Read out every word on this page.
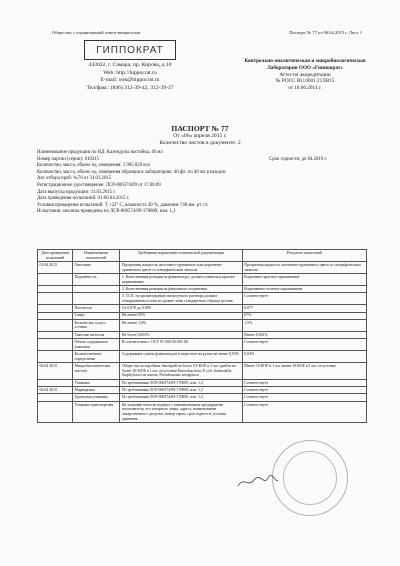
Общество с ограниченной ответственностью	Паспорт № 77 от 06.04.2015 г. Лист 1
ГИППОКРАТ
443022, г. Самара, пр. Кирова, д.10
Web: http://hippocrat.ru
E-mail: ook@hippocrat.ru
Тел/факс: (846) 312-39-42, 312-39-37
Контрольно-аналитическая и микробиологическая
Лаборатория ООО «Гиппократ»
Аттестат аккредитации
№ РОСС RU.0001.21ЛВ15
от 18.06.2014 г.
ПАСПОРТ № 77
От «06» апреля 2015 г.
Количество листов в документе: 2
Наименование продукции по НД: Календулы настойка, 40 мл
Номер партии (серии): 010315	Срок годности: до 04.2019 г.
Количество, масса, объем: ед. измерения: 1 005 820 кол
Количество, масса, объем: ед. измерения образцов в лабораторию: 40 фл. по 40 мл в каждом
Акт отбора проб: №76 от 31.03.2015
Регистрационное удостоверение: ЛСР-006574/09 от 17.08.09
Дата выпуска продукции: 31.03.2015 г.
Дата проведения испытаний: 01-06.04.2015 г.
Условия проведения испытаний: Т +22° С, влажность 49 %, давление 748 мм. рт. ст.
Испытания: анализы проведены по ЛСР-006574/09-170809, изм. 1,2
Дата проведения испытаний	Наименование показателей	Требования нормативно-технической документации	Результат испытаний
01.04.2015	Описание	Прозрачная жидкость желтовато-оранжевого или коричнево-оранжевого цвета со специфическим запахом.	Прозрачная жидкость желтовато-оранжевого цвета со специфическим запахом.
	Подлинность	1. Качественная реакция на флавоноиды: должно появиться красное окрашивание.	Коричнево-красное окрашивание
		2. Качественная реакция на фенольные соединения.	Коричневато-зеленое окрашивание
		3. ТСХ: на хроматограмме испытуемого раствора должна обнаруживаться зона на уровне зоны стандартного образца рутина.	Соответствует
	Плотность	От 0,870 до 0,900	0,877
	Спирт	Не менее 65%	67%
	Количество сухого остатка	Не менее 1,0%	1,5%
	Тяжелые металлы	Не более 0,001%	Менее 0,001%
	Объем содержимого упаковки	В соответствии с ОСТ 91-500.05.001-00	Соответствует
	Количественное определение	Содержание суммы флавоноидов в пересчете на рутин не менее 0,03%	0,04%
06.04.2015	Микробиологическая чистота	Общее число аэробных бактерий не более 10³ КОЕ в 1 мл; грибов не более 10² КОЕ в 1 мл; отсутствие Enterobacteria, E.coli, Salmonella, Staphylococcus aureus, Pseudomonas aeruginosa	Менее 10 КОЕ в 1 мл; менее 10 КОЕ в 1 мл; отсутствие
	Упаковка	По требованиям ЛСР-006574/09-170809, изм. 1,2	Соответствует
06.04.2015	Маркировка	По требованиям ЛСР-006574/09-170809, изм. 1,2	Соответствует
	Групповая упаковка	По требованиям ЛСР-006574/09-170809, изм. 1,2	Соответствует
	Упаковка транспортная	На упаковке наносят надпись с наименованием предприятия-изготовителя, его товарного знака, адреса, наименование лекарственного средства, номер серии, срок годности, условия хранения.	Соответствует
